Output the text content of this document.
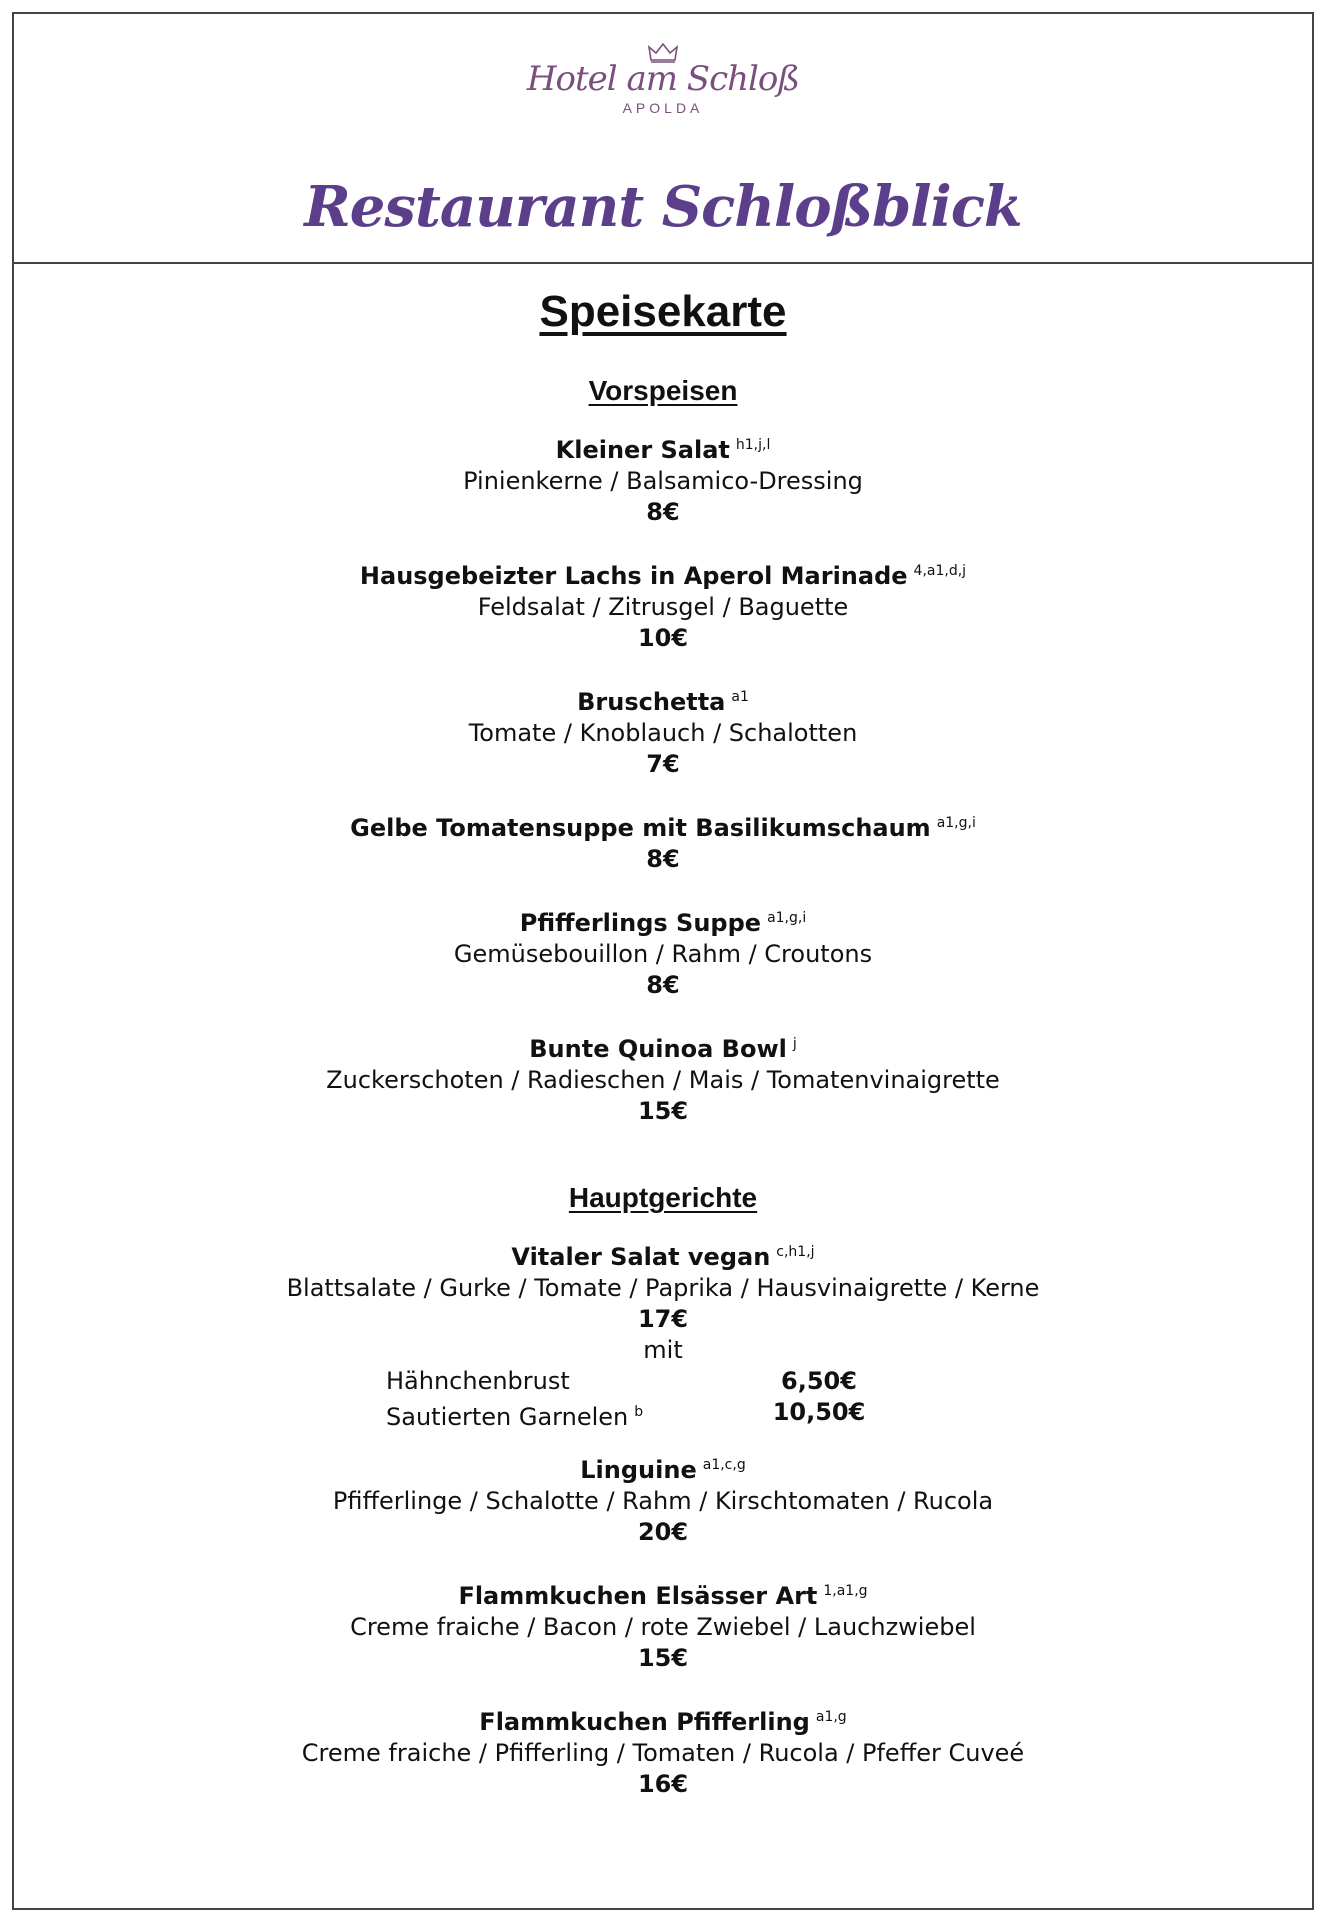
Hotel am Schloß
APOLDA
Restaurant Schloßblick
Speisekarte
Vorspeisen
Kleiner Salat $^{h1,j,l}$
Pinienkerne / Balsamico-Dressing
8€
Hausgebeizter Lachs in Aperol Marinade $^{4,a1,d,j}$
Feldsalat / Zitrusgel / Baguette
10€
Bruschetta $^{a1}$
Tomate / Knoblauch / Schalotten
7€
Gelbe Tomatensuppe mit Basilikumschaum $^{a1,g,i}$
8€
Pfifferlings Suppe $^{a1,g,i}$
Gemüsebouillon / Rahm / Croutons
8€
Bunte Quinoa Bowl $^j$
Zuckerschoten / Radieschen / Mais / Tomatenvinaigrette
15€
Hauptgerichte
Vitaler Salat vegan $^{c,h1,j}$
Blattsalate / Gurke / Tomate / Paprika / Hausvinaigrette / Kerne
17€
mit
Hähnchenbrust	6,50€
Sautierten Garnelen $^b$	10,50€
Linguine $^{a1,c,g}$
Pfifferlinge / Schalotte / Rahm / Kirschtomaten / Rucola
20€
Flammkuchen Elsässer Art $^{1,a1,g}$
Creme fraiche / Bacon / rote Zwiebel / Lauchzwiebel
15€
Flammkuchen Pfifferling $^{a1,g}$
Creme fraiche / Pfifferling / Tomaten / Rucola / Pfeffer Cuveé
16€
